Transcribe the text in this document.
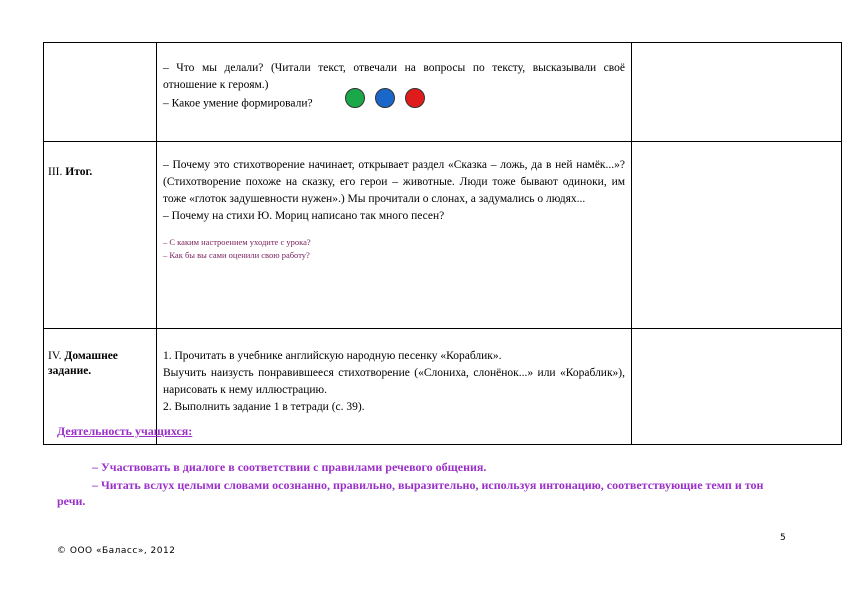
	– Что мы делали? (Читали текст, отвечали на вопросы по тексту, высказывали своё отношение к героям.)

– Какое умение формировали?	

III. Итог.	– Почему это стихотворение начинает, открывает раздел «Сказка – ложь, да в ней намёк...»? (Стихотворение похоже на сказку, его герои – животные. Люди тоже бывают одиноки, им тоже «глоток задушевности нужен».) Мы прочитали о слонах, а задумались о людях...

– Почему на стихи Ю. Мориц написано так много песен?

– С каким настроением уходите с урока?

– Как бы вы сами оценили свою работу?	

IV. Домашнее задание.	1. Прочитать в учебнике английскую народную песенку «Кораблик».

Выучить наизусть понравившееся стихотворение («Слониха, слонёнок...» или «Кораблик»), нарисовать к нему иллюстрацию.

2. Выполнить задание 1 в тетради (с. 39).	

Деятельность учащихся:
– Участвовать в диалоге в соответствии с правилами речевого общения.
– Читать вслух целыми словами осознанно, правильно, выразительно, используя интонацию, соответствующие темп и тон речи.
5
© ООО «Баласс», 2012
